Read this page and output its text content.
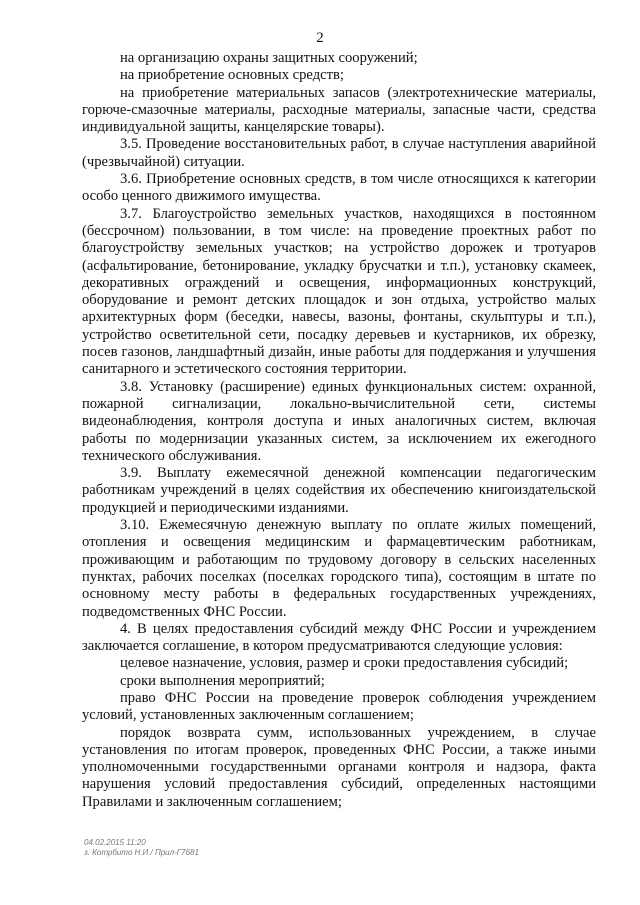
2

на организацию охраны защитных сооружений;

на приобретение основных средств;

на приобретение материальных запасов (электротехнические материалы, горюче-смазочные материалы, расходные материалы, запасные части, средства индивидуальной защиты, канцелярские товары).

3.5. Проведение восстановительных работ, в случае наступления аварийной (чрезвычайной) ситуации.

3.6. Приобретение основных средств, в том числе относящихся к категории особо ценного движимого имущества.

3.7. Благоустройство земельных участков, находящихся в постоянном (бессрочном) пользовании, в том числе: на проведение проектных работ по благоустройству земельных участков; на устройство дорожек и тротуаров (асфальтирование, бетонирование, укладку брусчатки и т.п.), установку скамеек, декоративных ограждений и освещения, информационных конструкций, оборудование и ремонт детских площадок и зон отдыха, устройство малых архитектурных форм (беседки, навесы, вазоны, фонтаны, скульптуры и т.п.), устройство осветительной сети, посадку деревьев и кустарников, их обрезку, посев газонов, ландшафтный дизайн, иные работы для поддержания и улучшения санитарного и эстетического состояния территории.

3.8. Установку (расширение) единых функциональных систем: охранной, пожарной сигнализации, локально-вычислительной сети, системы видеонаблюдения, контроля доступа и иных аналогичных систем, включая работы по модернизации указанных систем, за исключением их ежегодного технического обслуживания.

3.9. Выплату ежемесячной денежной компенсации педагогическим работникам учреждений в целях содействия их обеспечению книгоиздательской продукцией и периодическими изданиями.

3.10. Ежемесячную денежную выплату по оплате жилых помещений, отопления и освещения медицинским и фармацевтическим работникам, проживающим и работающим по трудовому договору в сельских населенных пунктах, рабочих поселках (поселках городского типа), состоящим в штате по основному месту работы в федеральных государственных учреждениях, подведомственных ФНС России.

4. В целях предоставления субсидий между ФНС России и учреждением заключается соглашение, в котором предусматриваются следующие условия:

целевое назначение, условия, размер и сроки предоставления субсидий;

сроки выполнения мероприятий;

право ФНС России на проведение проверок соблюдения учреждением условий, установленных заключенным соглашением;

порядок возврата сумм, использованных учреждением, в случае установления по итогам проверок, проведенных ФНС России, а также иными уполномоченными государственными органами контроля и надзора, факта нарушения условий предоставления субсидий, определенных настоящими Правилами и заключенным соглашением;

04.02.2015 11:20
з. Котрбито Н.И./ Прил-Г7681
